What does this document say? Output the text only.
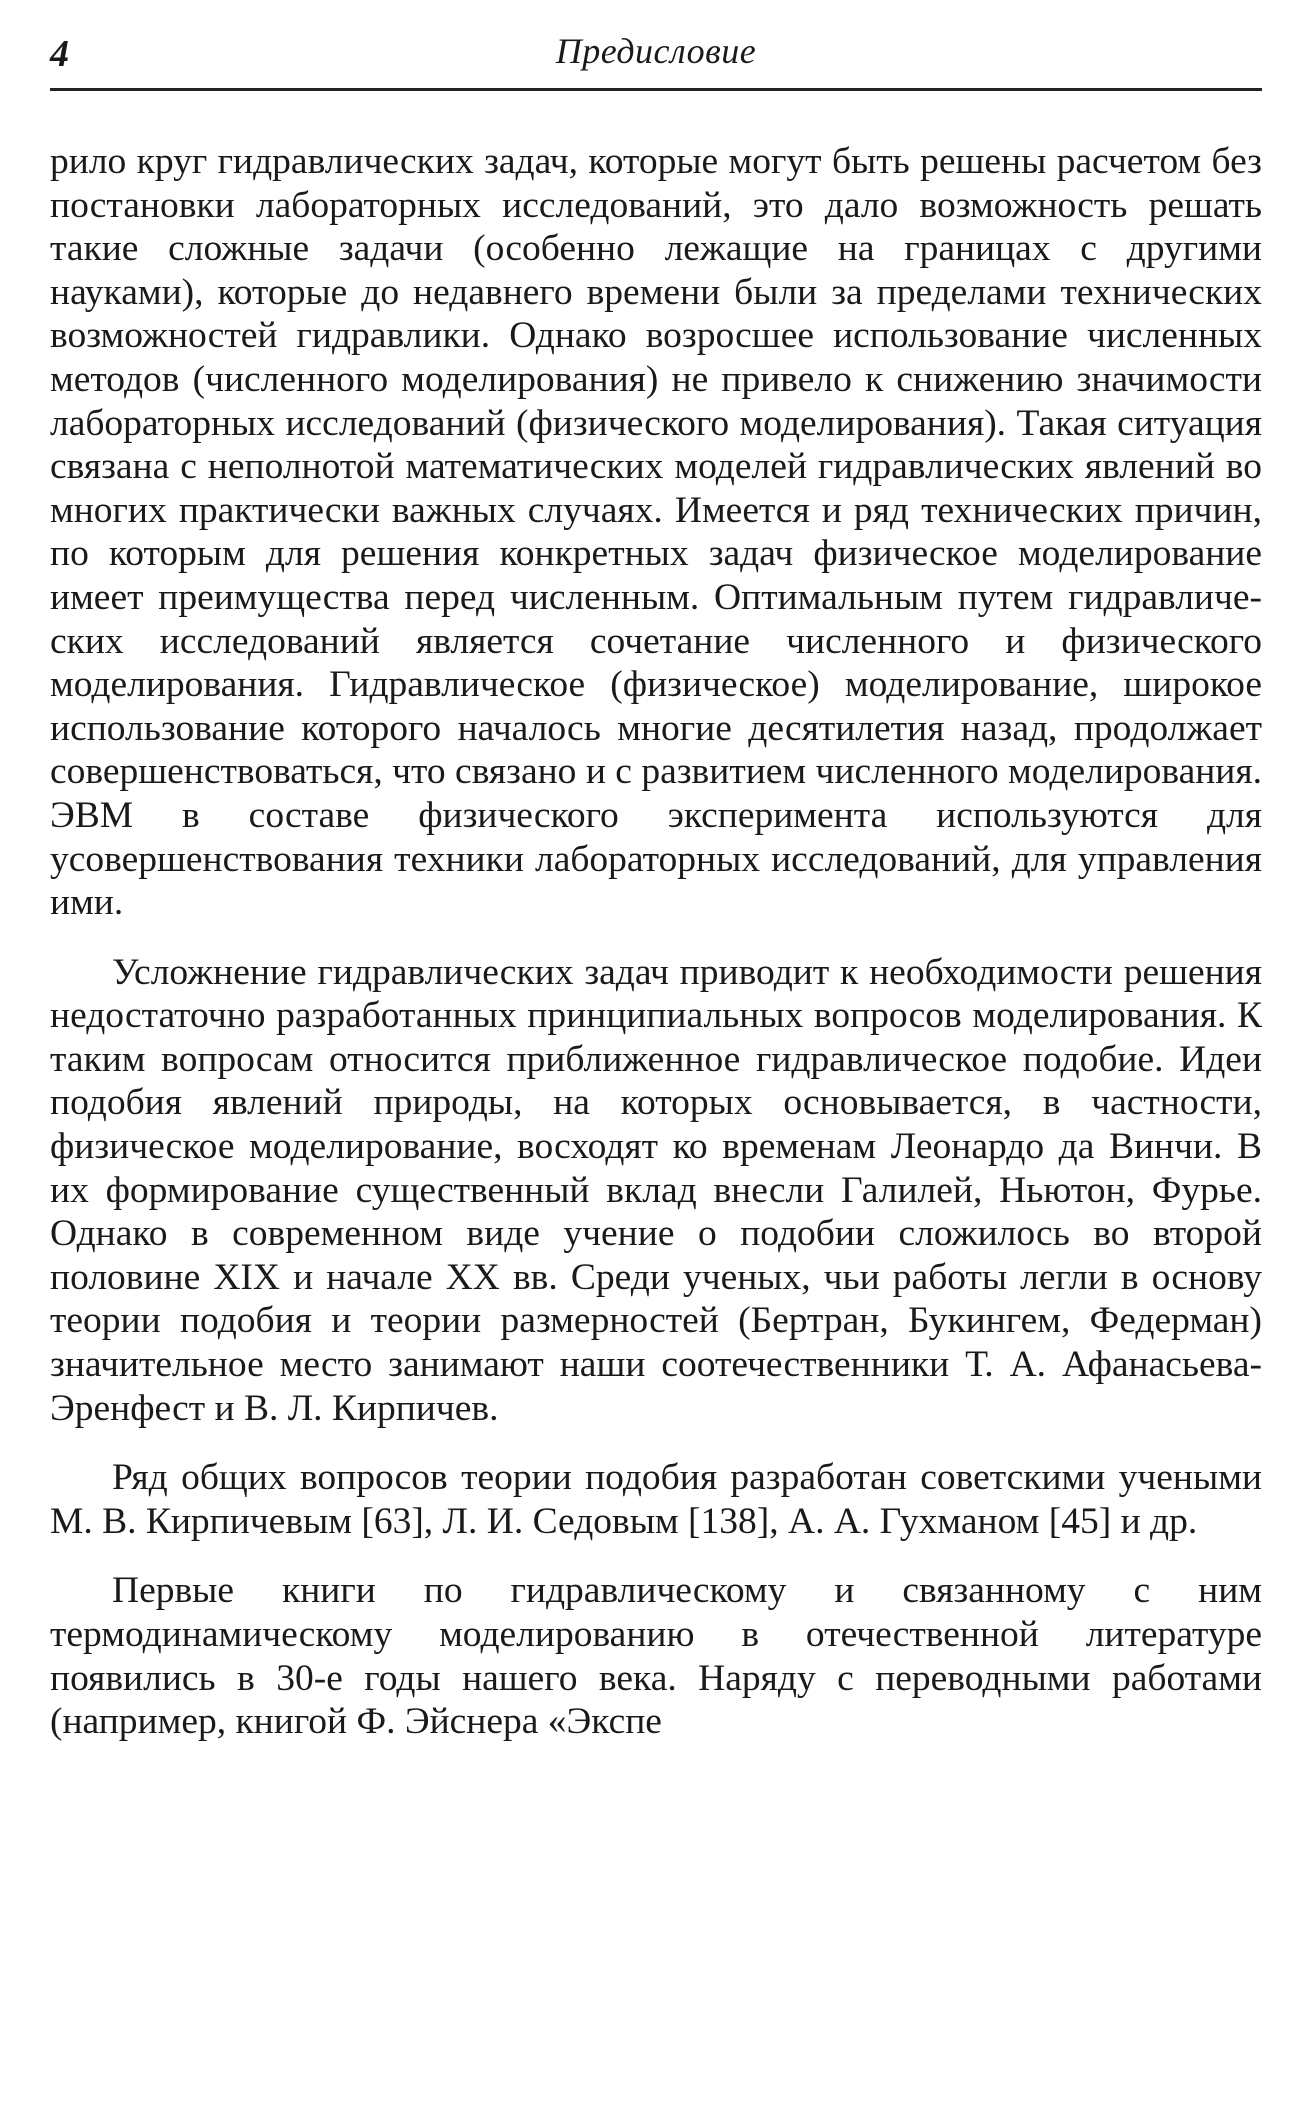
4	Предисловие

рило круг гидравлических задач, которые могут быть решены расчетом без постановки лабораторных исследований, это дало возможность решать такие сложные задачи (особенно лежащие на границах с другими науками), которые до недавнего времени были за пределами технических возможностей гидравлики. Однако возросшее использование численных методов (численного моделирования) не привело к снижению значимости лабораторных исследований (физического моделирования). Такая ситуация связана с неполнотой математических моделей гидравлических явлений во многих практически важных случаях. Имеется и ряд технических причин, по которым для решения конкретных задач физическое моделирование имеет преимущества перед численным. Оптимальным путем гидравлических исследований является сочетание численного и физического моделирования. Гидравлическое (физическое) моделирование, широкое использование которого началось многие десятилетия назад, продолжает совершенствоваться, что связано и с развитием численного моделирования. ЭВМ в составе физического эксперимента используются для усовершенствования техники лабораторных исследований, для управления ими.

Усложнение гидравлических задач приводит к необходимости решения недостаточно разработанных принципиальных вопросов моделирования. К таким вопросам относится приближенное гидравлическое подобие. Идеи подобия явлений природы, на которых основывается, в частности, физическое моделирование, восходят ко временам Леонардо да Винчи. В их формирование существенный вклад внесли Галилей, Ньютон, Фурье. Однако в современном виде учение о подобии сложилось во второй половине XIX и начале XX вв. Среди ученых, чьи работы легли в основу теории подобия и теории размерностей (Бертран, Букингем, Федерман) значительное место занимают наши соотечественники Т. А. Афанасьева-Эренфест и В. Л. Кирпичев.

Ряд общих вопросов теории подобия разработан советскими учеными М. В. Кирпичевым [63], Л. И. Седовым [138], А. А. Гухманом [45] и др.

Первые книги по гидравлическому и связанному с ним термодинамическому моделированию в отечественной литературе появились в 30-е годы нашего века. Наряду с переводными работами (например, книгой Ф. Эйснера «Экспе
